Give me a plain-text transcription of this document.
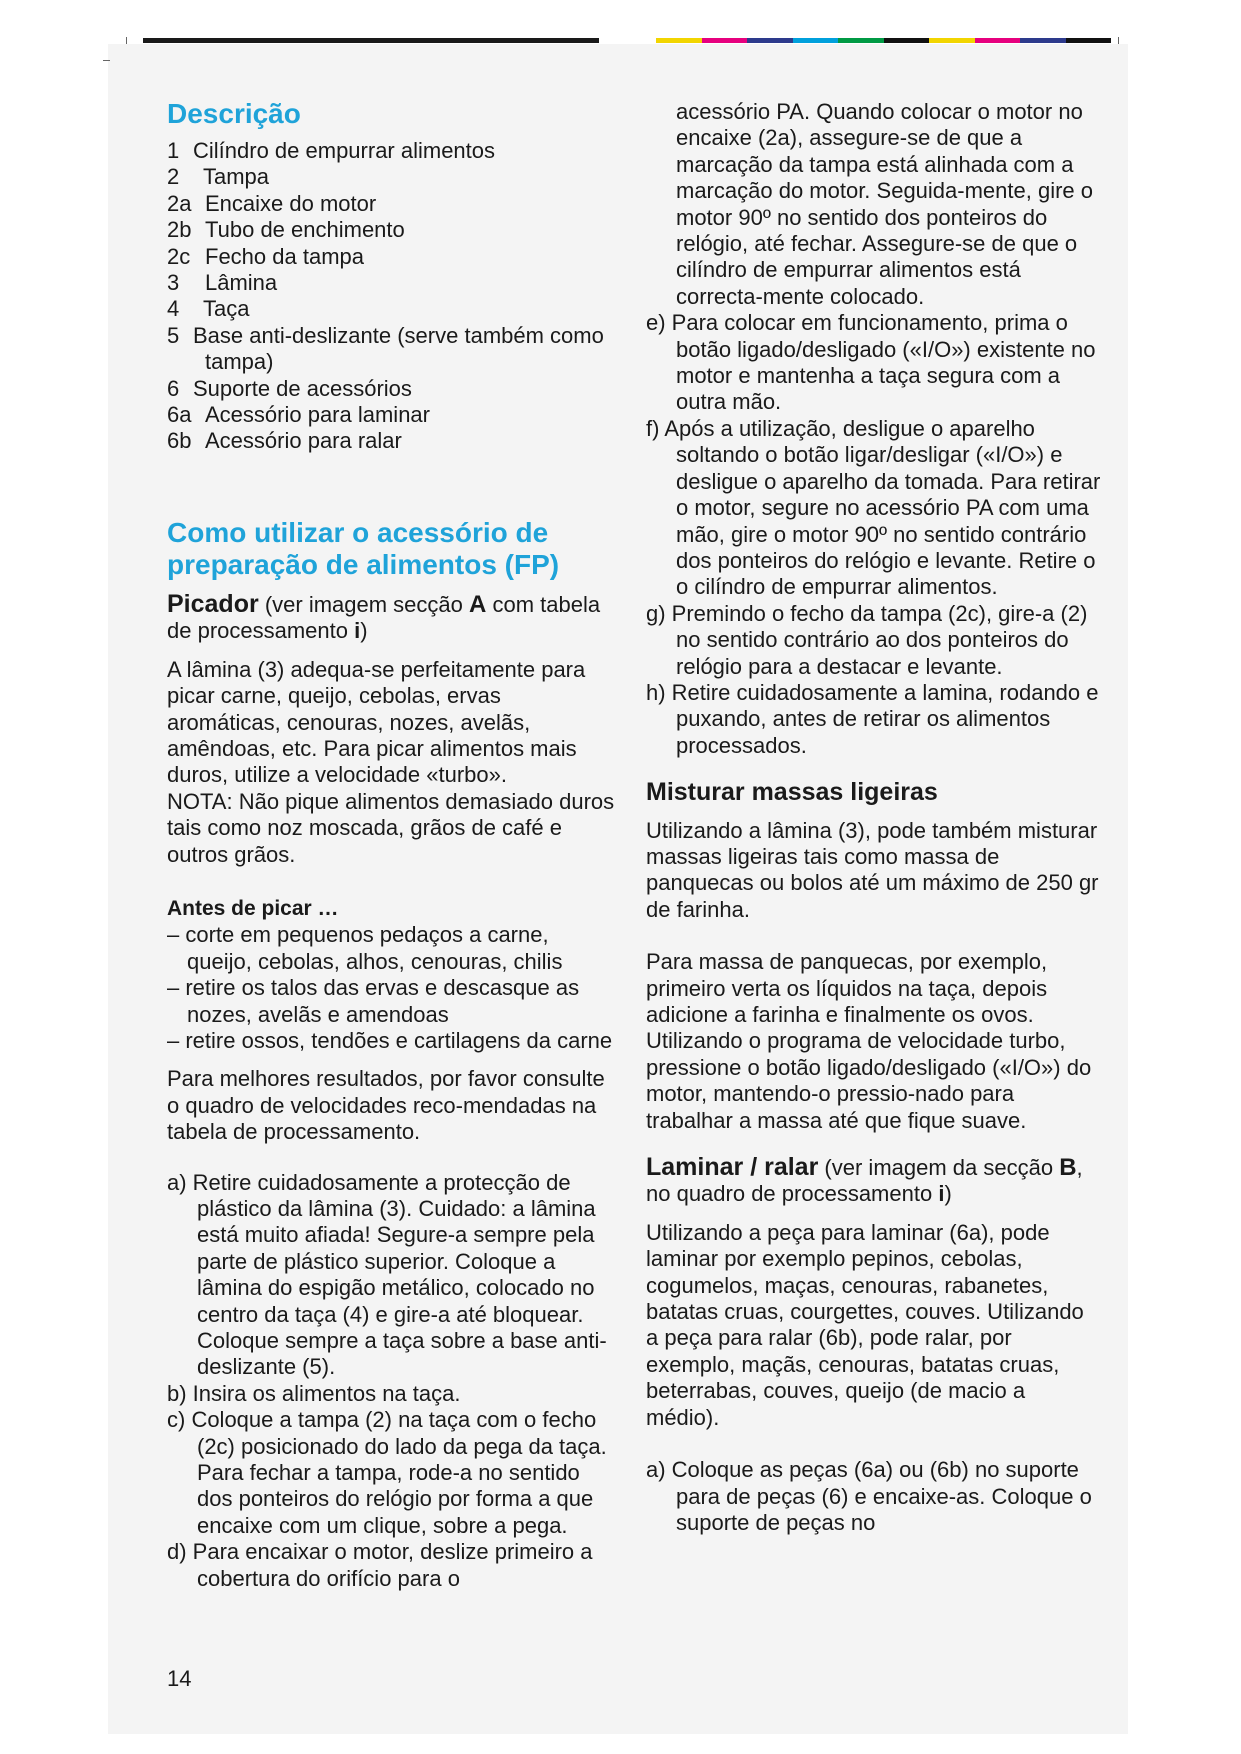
Descrição
1 Cilíndro de empurrar alimentos
2	Tampa
2a Encaixe do motor
2b Tubo de enchimento
2c Fecho da tampa
3	Lâmina
4	Taça
5 Base anti-deslizante (serve também como tampa)
6 Suporte de acessórios
6a Acessório para laminar
6b Acessório para ralar
Como utilizar o acessório de preparação de alimentos (FP)

Picador (ver imagem secção A com tabela de processamento i)

A lâmina (3) adequa-se perfeitamente para picar carne, queijo, cebolas, ervas aromáticas, cenouras, nozes, avelãs, amêndoas, etc. Para picar alimentos mais duros, utilize a velocidade «turbo».

NOTA: Não pique alimentos demasiado duros tais como noz moscada, grãos de café e outros grãos.

Antes de picar …

– corte em pequenos pedaços a carne, queijo, cebolas, alhos, cenouras, chilis

– retire os talos das ervas e descasque as nozes, avelãs e amendoas

– retire ossos, tendões e cartilagens da carne

Para melhores resultados, por favor consulte o quadro de velocidades reco-mendadas na tabela de processamento.

a) Retire cuidadosamente a protecção de plástico da lâmina (3). Cuidado: a lâmina está muito afiada! Segure-a sempre pela parte de plástico superior. Coloque a lâmina do espigão metálico, colocado no centro da taça (4) e gire-a até bloquear. Coloque sempre a taça sobre a base anti-deslizante (5).

b) Insira os alimentos na taça.

c) Coloque a tampa (2) na taça com o fecho (2c) posicionado do lado da pega da taça. Para fechar a tampa, rode-a no sentido dos ponteiros do relógio por forma a que encaixe com um clique, sobre a pega.

d) Para encaixar o motor, deslize primeiro a cobertura do orifício para o

acessório PA. Quando colocar o motor no encaixe (2a), assegure-se de que a marcação da tampa está alinhada com a marcação do motor. Seguida-mente, gire o motor 90º no sentido dos ponteiros do relógio, até fechar. Assegure-se de que o cilíndro de empurrar alimentos está correcta-mente colocado.

e) Para colocar em funcionamento, prima o botão ligado/desligado («I/O») existente no motor e mantenha a taça segura com a outra mão.

f) Após a utilização, desligue o aparelho soltando o botão ligar/desligar («I/O») e desligue o aparelho da tomada. Para retirar o motor, segure no acessório PA com uma mão, gire o motor 90º no sentido contrário dos ponteiros do relógio e levante. Retire o o cilíndro de empurrar alimentos.

g) Premindo o fecho da tampa (2c), gire-a (2) no sentido contrário ao dos ponteiros do relógio para a destacar e levante.

h) Retire cuidadosamente a lamina, rodando e puxando, antes de retirar os alimentos processados.

Misturar massas ligeiras

Utilizando a lâmina (3), pode também misturar massas ligeiras tais como massa de panquecas ou bolos até um máximo de 250 gr de farinha.

Para massa de panquecas, por exemplo, primeiro verta os líquidos na taça, depois adicione a farinha e finalmente os ovos. Utilizando o programa de velocidade turbo, pressione o botão ligado/desligado («I/O») do motor, mantendo-o pressio-nado para trabalhar a massa até que fique suave.

Laminar / ralar (ver imagem da secção B, no quadro de processamento i)

Utilizando a peça para laminar (6a), pode laminar por exemplo pepinos, cebolas, cogumelos, maças, cenouras, rabanetes, batatas cruas, courgettes, couves. Utilizando a peça para ralar (6b), pode ralar, por exemplo, maçãs, cenouras, batatas cruas, beterrabas, couves, queijo (de macio a médio).

a) Coloque as peças (6a) ou (6b) no suporte para de peças (6) e encaixe-as. Coloque o suporte de peças no

14
